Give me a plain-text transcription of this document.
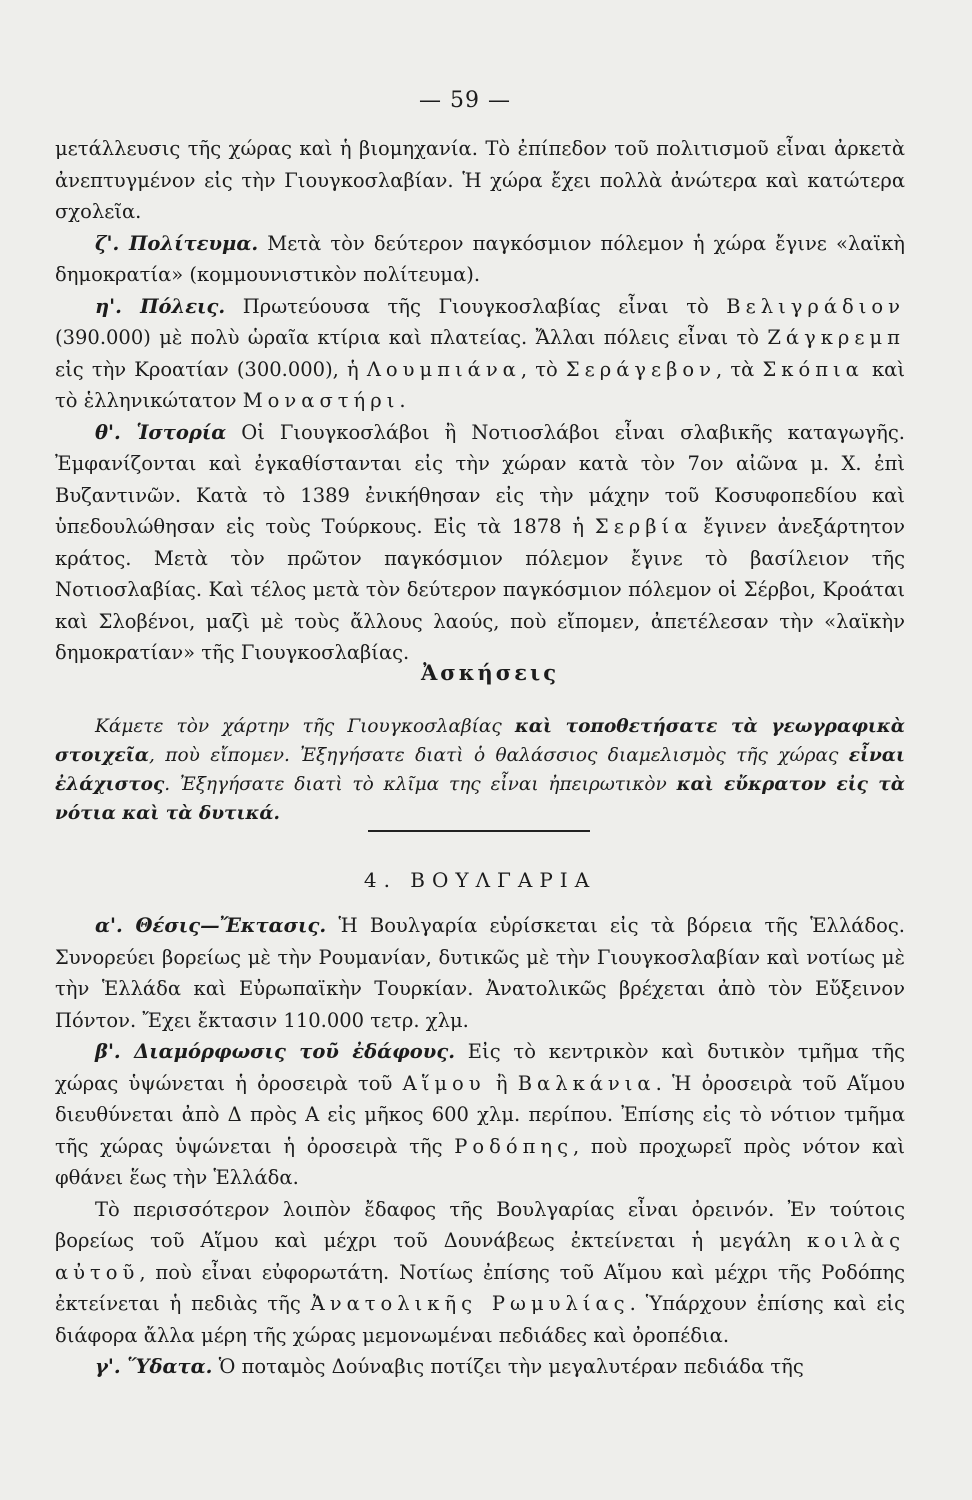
— 59 —

μετάλλευσις τῆς χώρας καὶ ἡ βιομηχανία. Τὸ ἐπίπεδον τοῦ πολιτισμοῦ εἶναι ἀρκετὰ ἀνεπτυγμένον εἰς τὴν Γιουγκοσλαβίαν. Ἡ χώρα ἔχει πολλὰ ἀνώτερα καὶ κατώτερα σχολεῖα.

ζ'. Πολίτευμα. Μετὰ τὸν δεύτερον παγκόσμιον πόλεμον ἡ χώρα ἔγινε «λαϊκὴ δημοκρατία» (κομμουνιστικὸν πολίτευμα).

η'. Πόλεις. Πρωτεύουσα τῆς Γιουγκοσλαβίας εἶναι τὸ Βελιγράδιον (390.000) μὲ πολὺ ὡραῖα κτίρια καὶ πλατείας. Ἄλλαι πόλεις εἶναι τὸ Ζάγκρεμπ εἰς τὴν Κροατίαν (300.000), ἡ Λουμπιάνα, τὸ Σεράγεβον, τὰ Σκόπια καὶ τὸ ἑλληνικώτατον Μοναστήρι.

θ'. Ἱστορία Οἱ Γιουγκοσλάβοι ἢ Νοτιοσλάβοι εἶναι σλαβικῆς καταγωγῆς. Ἐμφανίζονται καὶ ἐγκαθίστανται εἰς τὴν χώραν κατὰ τὸν 7ον αἰῶνα μ. Χ. ἐπὶ Βυζαντινῶν. Κατὰ τὸ 1389 ἐνικήθησαν εἰς τὴν μάχην τοῦ Κοσυφοπεδίου καὶ ὑπεδουλώθησαν εἰς τοὺς Τούρκους. Εἰς τὰ 1878 ἡ Σερβία ἔγινεν ἀνεξάρτητον κράτος. Μετὰ τὸν πρῶτον παγκόσμιον πόλεμον ἔγινε τὸ βασίλειον τῆς Νοτιοσλαβίας. Καὶ τέλος μετὰ τὸν δεύτερον παγκόσμιον πόλεμον οἱ Σέρβοι, Κροάται καὶ Σλοβένοι, μαζὶ μὲ τοὺς ἄλλους λαούς, ποὺ εἴπομεν, ἀπετέλεσαν τὴν «λαϊκὴν δημοκρατίαν» τῆς Γιουγκοσλαβίας.

Ἀσκήσεις
Κάμετε τὸν χάρτην τῆς Γιουγκοσλαβίας καὶ τοποθετήσατε τὰ γεωγραφικὰ στοιχεῖα, ποὺ εἴπομεν. Ἐξηγήσατε διατὶ ὁ θαλάσσιος διαμελισμὸς τῆς χώρας εἶναι ἐλάχιστος. Ἐξηγήσατε διατὶ τὸ κλῖμα της εἶναι ἠπειρωτικὸν καὶ εὔκρατον εἰς τὰ νότια καὶ τὰ δυτικά.
4. ΒΟΥΛΓΑΡΙΑ

α'. Θέσις—Ἔκτασις. Ἡ Βουλγαρία εὑρίσκεται εἰς τὰ βόρεια τῆς Ἑλλάδος. Συνορεύει βορείως μὲ τὴν Ρουμανίαν, δυτικῶς μὲ τὴν Γιουγκοσλαβίαν καὶ νοτίως μὲ τὴν Ἑλλάδα καὶ Εὐρωπαϊκὴν Τουρκίαν. Ἀνατολικῶς βρέχεται ἀπὸ τὸν Εὔξεινον Πόντον. Ἔχει ἔκτασιν 110.000 τετρ. χλμ.

β'. Διαμόρφωσις τοῦ ἐδάφους. Εἰς τὸ κεντρικὸν καὶ δυτικὸν τμῆμα τῆς χώρας ὑψώνεται ἡ ὀροσειρὰ τοῦ Αἵμου ἢ Βαλκάνια. Ἡ ὀροσειρὰ τοῦ Αἵμου διευθύνεται ἀπὸ Δ πρὸς Α εἰς μῆκος 600 χλμ. περίπου. Ἐπίσης εἰς τὸ νότιον τμῆμα τῆς χώρας ὑψώνεται ἡ ὀροσειρὰ τῆς Ροδόπης, ποὺ προχωρεῖ πρὸς νότον καὶ φθάνει ἕως τὴν Ἑλλάδα.

Τὸ περισσότερον λοιπὸν ἔδαφος τῆς Βουλγαρίας εἶναι ὀρεινόν. Ἐν τούτοις βορείως τοῦ Αἵμου καὶ μέχρι τοῦ Δουνάβεως ἐκτείνεται ἡ μεγάλη κοιλὰς αὐτοῦ, ποὺ εἶναι εὐφορωτάτη. Νοτίως ἐπίσης τοῦ Αἵμου καὶ μέχρι τῆς Ροδόπης ἐκτείνεται ἡ πεδιὰς τῆς Ἀνατολικῆς Ρωμυλίας. Ὑπάρχουν ἐπίσης καὶ εἰς διάφορα ἄλλα μέρη τῆς χώρας μεμονωμέναι πεδιάδες καὶ ὀροπέδια.

γ'. Ὕδατα. Ὁ ποταμὸς Δούναβις ποτίζει τὴν μεγαλυτέραν πεδιάδα τῆς
